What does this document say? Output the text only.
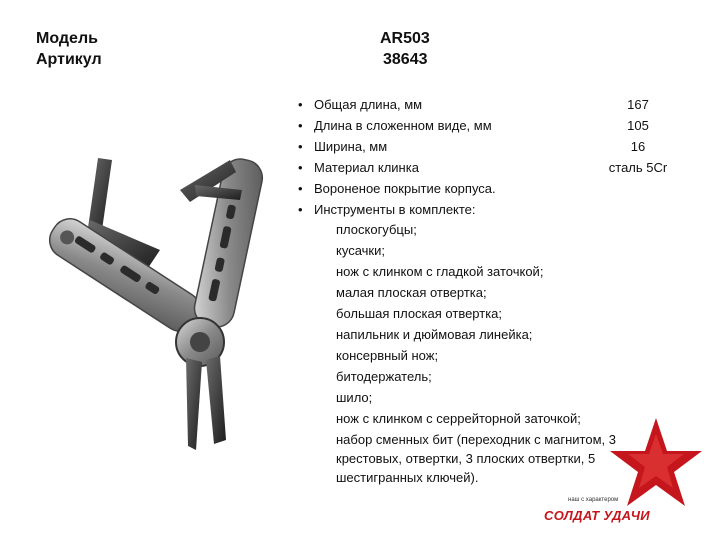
Модель	AR503
Артикул	38643
• Общая длина, мм	167
• Длина в сложенном виде, мм	105
• Ширина, мм	16
• Материал клинка	сталь 5Cr
• Вороненое покрытие корпуса.
• Инструменты в комплекте:
плоскогубцы;
кусачки;
нож с клинком с гладкой заточкой;
малая плоская отвертка;
большая плоская отвертка;
напильник и дюймовая линейка;
консервный нож;
битодержатель;
шило;
нож с клинком с серрейторной заточкой;
набор сменных бит (переходник с магнитом, 3 крестовых, отвертки, 3 плоских отвертки, 5 шестигранных ключей).
наш с характером
СОЛДАТ УДАЧИ
